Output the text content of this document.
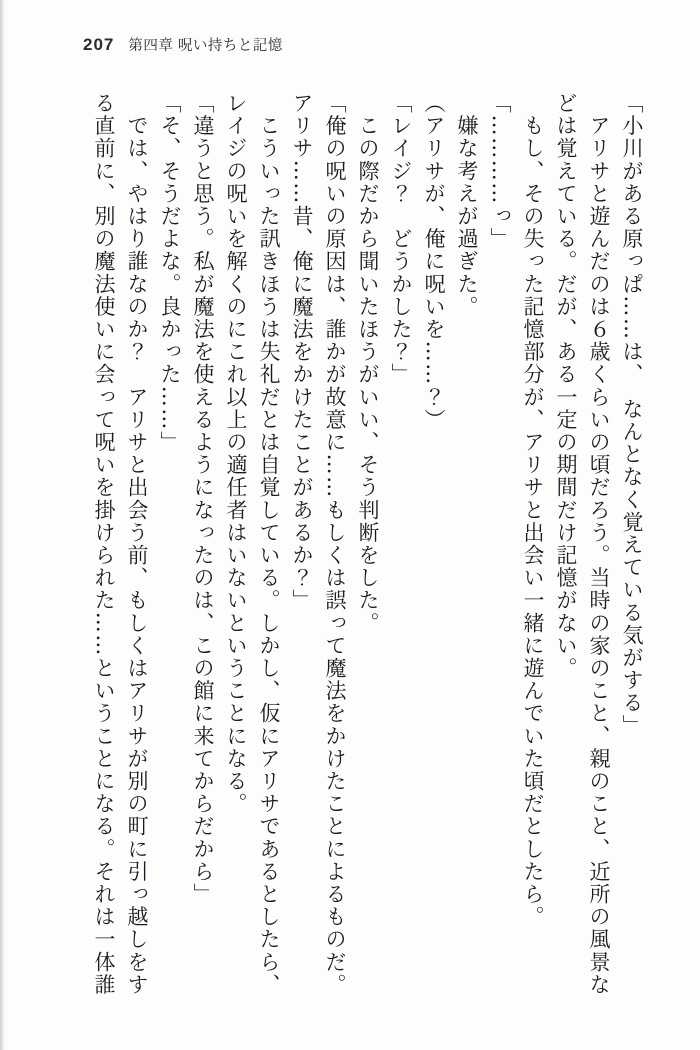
207 第四章 呪い持ちと記憶

「小川がある原っぱ……は、　なんとなく覚えている気がする」

　アリサと遊んだのは６歳くらいの頃だろう。当時の家のこと、親のこと、近所の風景な

どは覚えている。だが、ある一定の期間だけ記憶がない。

　もし、その失った記憶部分が、アリサと出会い一緒に遊んでいた頃だとしたら。

「…………っ」

　嫌な考えが過ぎた。

（アリサが、俺に呪いを……？）

「レイジ？　どうかした？」

　この際だから聞いたほうがいい、そう判断をした。

「俺の呪いの原因は、誰かが故意に……もしくは誤って魔法をかけたことによるものだ。

アリサ……昔、俺に魔法をかけたことがあるか？」

　こういった訊きほうは失礼だとは自覚している。しかし、仮にアリサであるとしたら、

レイジの呪いを解くのにこれ以上の適任者はいないということになる。

「違うと思う。私が魔法を使えるようになったのは、この館に来てからだから」

「そ、そうだよな。良かった……」

　では、やはり誰なのか？　アリサと出会う前、もしくはアリサが別の町に引っ越しをす

る直前に、別の魔法使いに会って呪いを掛けられた……ということになる。それは一体誰
